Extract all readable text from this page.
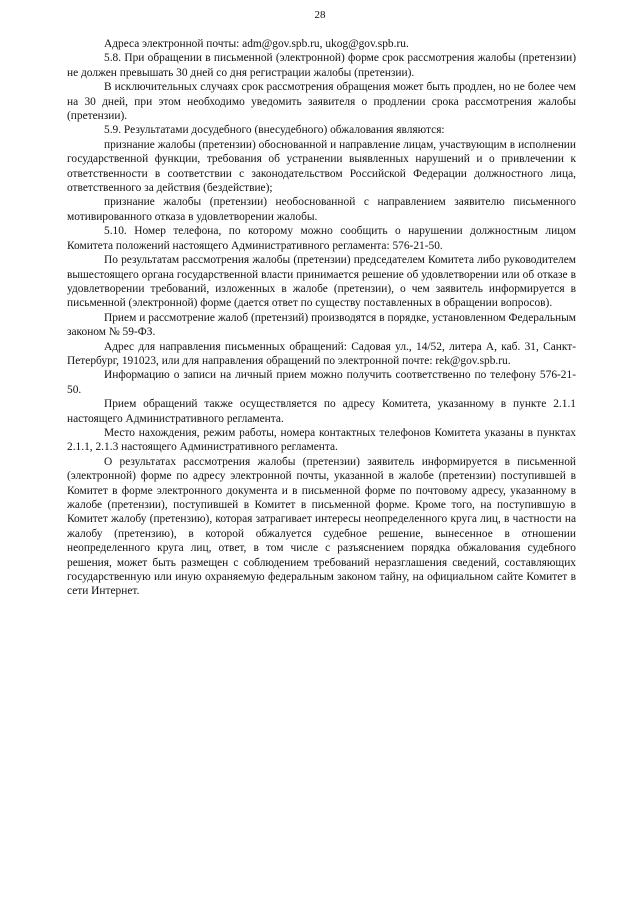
28

Адреса электронной почты: adm@gov.spb.ru, ukog@gov.spb.ru.

5.8. При обращении в письменной (электронной) форме срок рассмотрения жалобы (претензии) не должен превышать 30 дней со дня регистрации жалобы (претензии).

В исключительных случаях срок рассмотрения обращения может быть продлен, но не более чем на 30 дней, при этом необходимо уведомить заявителя о продлении срока рассмотрения жалобы (претензии).

5.9. Результатами досудебного (внесудебного) обжалования являются:

признание жалобы (претензии) обоснованной и направление лицам, участвующим в исполнении государственной функции, требования об устранении выявленных нарушений и о привлечении к ответственности в соответствии с законодательством Российской Федерации должностного лица, ответственного за действия (бездействие);

признание жалобы (претензии) необоснованной с направлением заявителю письменного мотивированного отказа в удовлетворении жалобы.

5.10. Номер телефона, по которому можно сообщить о нарушении должностным лицом Комитета положений настоящего Административного регламента: 576-21-50.

По результатам рассмотрения жалобы (претензии) председателем Комитета либо руководителем вышестоящего органа государственной власти принимается решение об удовлетворении или об отказе в удовлетворении требований, изложенных в жалобе (претензии), о чем заявитель информируется в письменной (электронной) форме (дается ответ по существу поставленных в обращении вопросов).

Прием и рассмотрение жалоб (претензий) производятся в порядке, установленном Федеральным законом № 59-ФЗ.

Адрес для направления письменных обращений: Садовая ул., 14/52, литера А, каб. 31, Санкт-Петербург, 191023, или для направления обращений по электронной почте: rek@gov.spb.ru.

Информацию о записи на личный прием можно получить соответственно по телефону 576-21-50.

Прием обращений также осуществляется по адресу Комитета, указанному в пункте 2.1.1 настоящего Административного регламента.

Место нахождения, режим работы, номера контактных телефонов Комитета указаны в пунктах 2.1.1, 2.1.3 настоящего Административного регламента.

О результатах рассмотрения жалобы (претензии) заявитель информируется в письменной (электронной) форме по адресу электронной почты, указанной в жалобе (претензии) поступившей в Комитет в форме электронного документа и в письменной форме по почтовому адресу, указанному в жалобе (претензии), поступившей в Комитет в письменной форме. Кроме того, на поступившую в Комитет жалобу (претензию), которая затрагивает интересы неопределенного круга лиц, в частности на жалобу (претензию), в которой обжалуется судебное решение, вынесенное в отношении неопределенного круга лиц, ответ, в том числе с разъяснением порядка обжалования судебного решения, может быть размещен с соблюдением требований неразглашения сведений, составляющих государственную или иную охраняемую федеральным законом тайну, на официальном сайте Комитет в сети Интернет.
